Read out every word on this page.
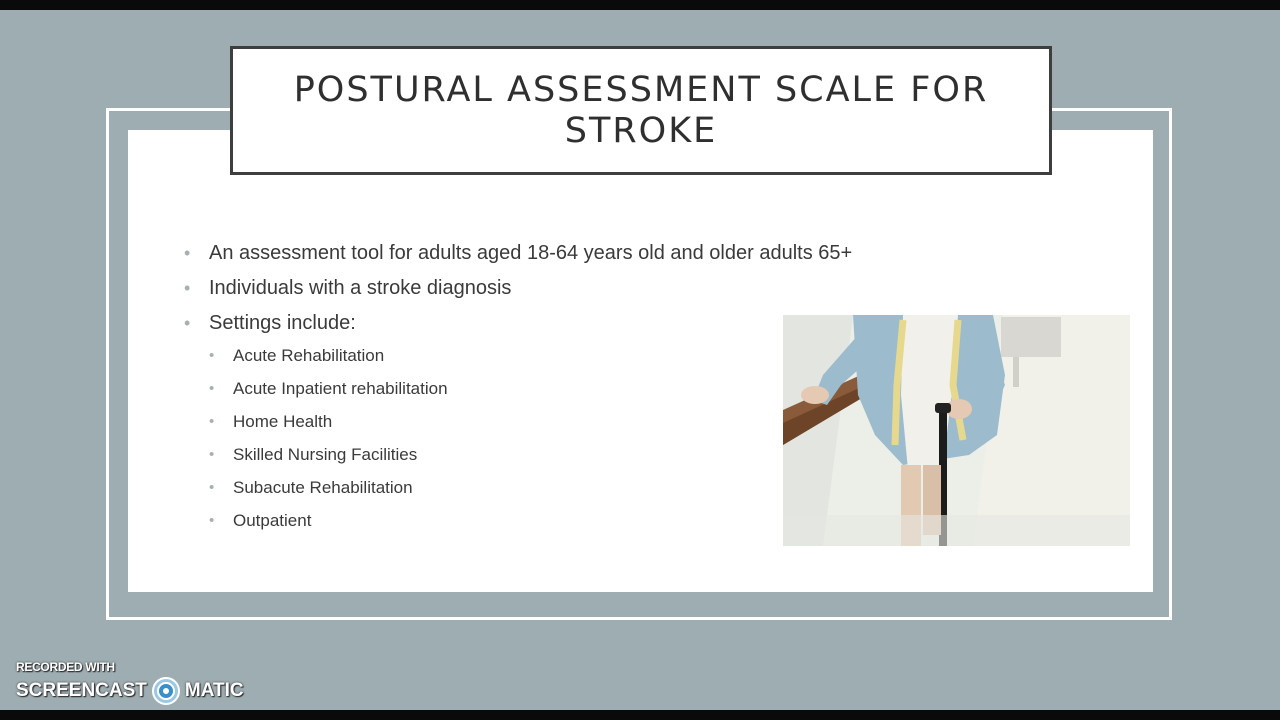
POSTURAL ASSESSMENT SCALE FOR STROKE
• An assessment tool for adults aged 18-64 years old and older adults 65+
• Individuals with a stroke diagnosis
• Settings include:
• Acute Rehabilitation
• Acute Inpatient rehabilitation
• Home Health
• Skilled Nursing Facilities
• Subacute Rehabilitation
• Outpatient
RECORDED WITH
SCREENCAST MATIC
